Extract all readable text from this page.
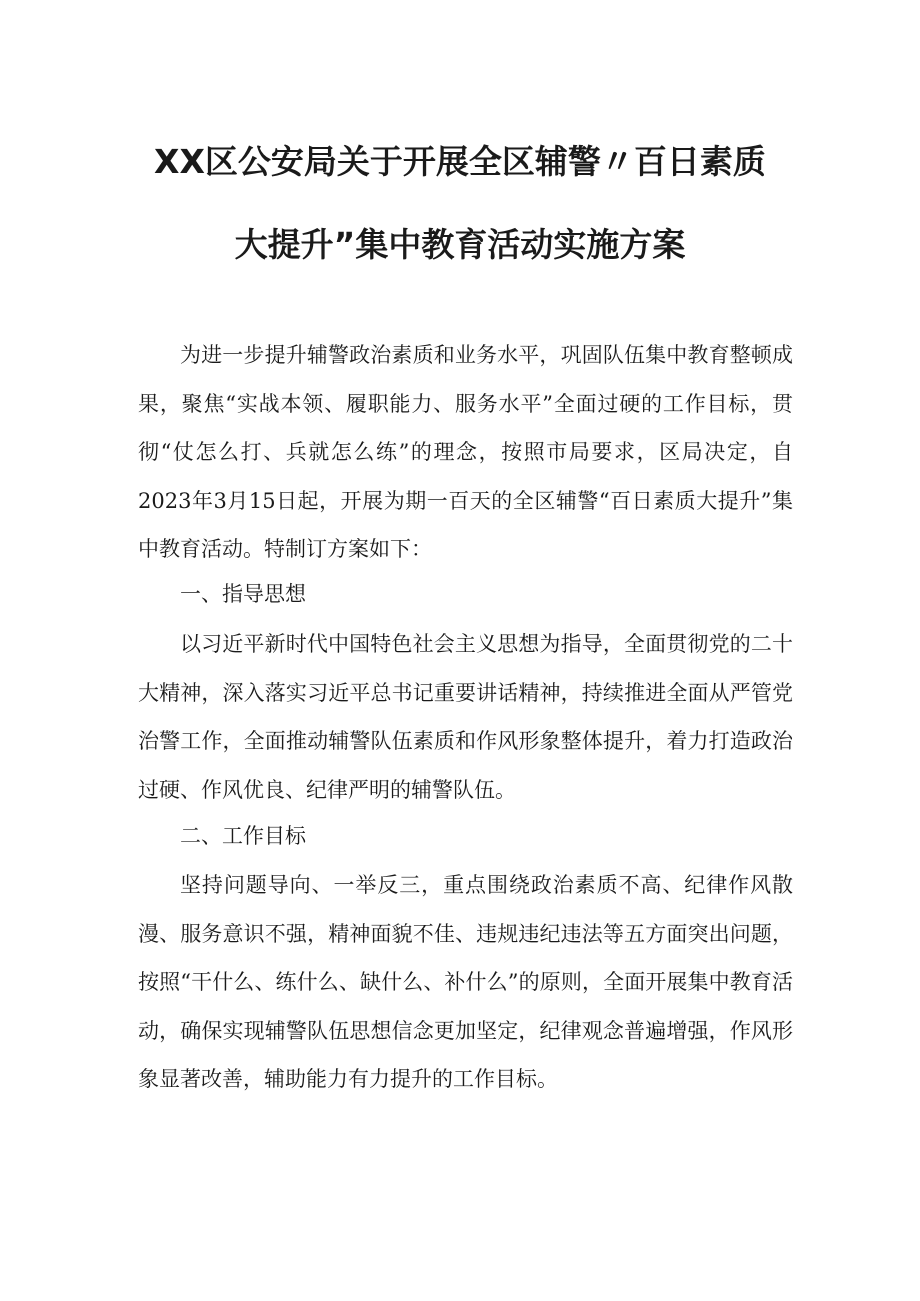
XX区公安局关于开展全区辅警〃百日素质
大提升”集中教育活动实施方案

为进一步提升辅警政治素质和业务水平，巩固队伍集中教育整顿成果，聚焦“实战本领、履职能力、服务水平”全面过硬的工作目标，贯彻“仗怎么打、兵就怎么练”的理念，按照市局要求，区局决定，自2023年3月15日起，开展为期一百天的全区辅警“百日素质大提升”集中教育活动。特制订方案如下：

一、指导思想

以习近平新时代中国特色社会主义思想为指导，全面贯彻党的二十大精神，深入落实习近平总书记重要讲话精神，持续推进全面从严管党治警工作，全面推动辅警队伍素质和作风形象整体提升，着力打造政治过硬、作风优良、纪律严明的辅警队伍。

二、工作目标

坚持问题导向、一举反三，重点围绕政治素质不高、纪律作风散漫、服务意识不强，精神面貌不佳、违规违纪违法等五方面突出问题，按照“干什么、练什么、缺什么、补什么”的原则，全面开展集中教育活动，确保实现辅警队伍思想信念更加坚定，纪律观念普遍增强，作风形象显著改善，辅助能力有力提升的工作目标。
